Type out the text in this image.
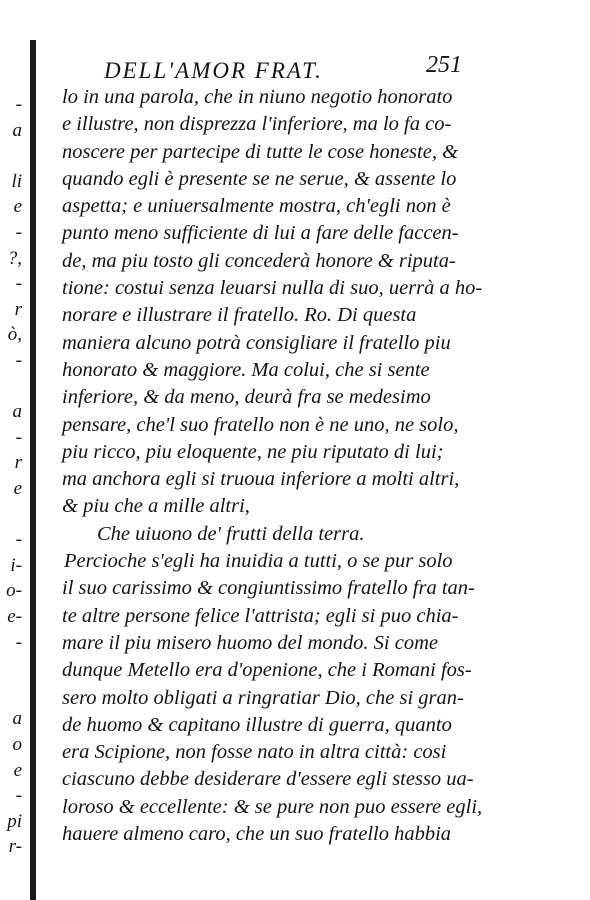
-
a
li
e
-
?,
-
r
ò,
-
a
-
r
e
-
i-
o-
e-
-
a
o
e
-
pi
r-
DELL'AMOR FRAT.	251
lo in una parola, che in niuno negotio honorato
e illustre, non disprezza l'inferiore, ma lo fa co-
noscere per partecipe di tutte le cose honeste, &
quando egli è presente se ne serue, & assente lo
aspetta; e uniuersalmente mostra, ch'egli non è
punto meno sufficiente di lui a fare delle faccen-
de, ma piu tosto gli concederà honore & riputa-
tione: costui senza leuarsi nulla di suo, uerrà a ho-
norare e illustrare il fratello. Ro. Di questa
maniera alcuno potrà consigliare il fratello piu
honorato & maggiore. Ma colui, che si sente
inferiore, & da meno, deurà fra se medesimo
pensare, che'l suo fratello non è ne uno, ne solo,
piu ricco, piu eloquente, ne piu riputato di lui;
ma anchora egli si truoua inferiore a molti altri,
& piu che a mille altri,
Che uiuono de' frutti della terra.
Percioche s'egli ha inuidia a tutti, o se pur solo
il suo carissimo & congiuntissimo fratello fra tan-
te altre persone felice l'attrista; egli si puo chia-
mare il piu misero huomo del mondo. Si come
dunque Metello era d'openione, che i Romani fos-
sero molto obligati a ringratiar Dio, che si gran-
de huomo & capitano illustre di guerra, quanto
era Scipione, non fosse nato in altra città: cosi
ciascuno debbe desiderare d'essere egli stesso ua-
loroso & eccellente: & se pure non puo essere egli,
hauere almeno caro, che un suo fratello habbia
